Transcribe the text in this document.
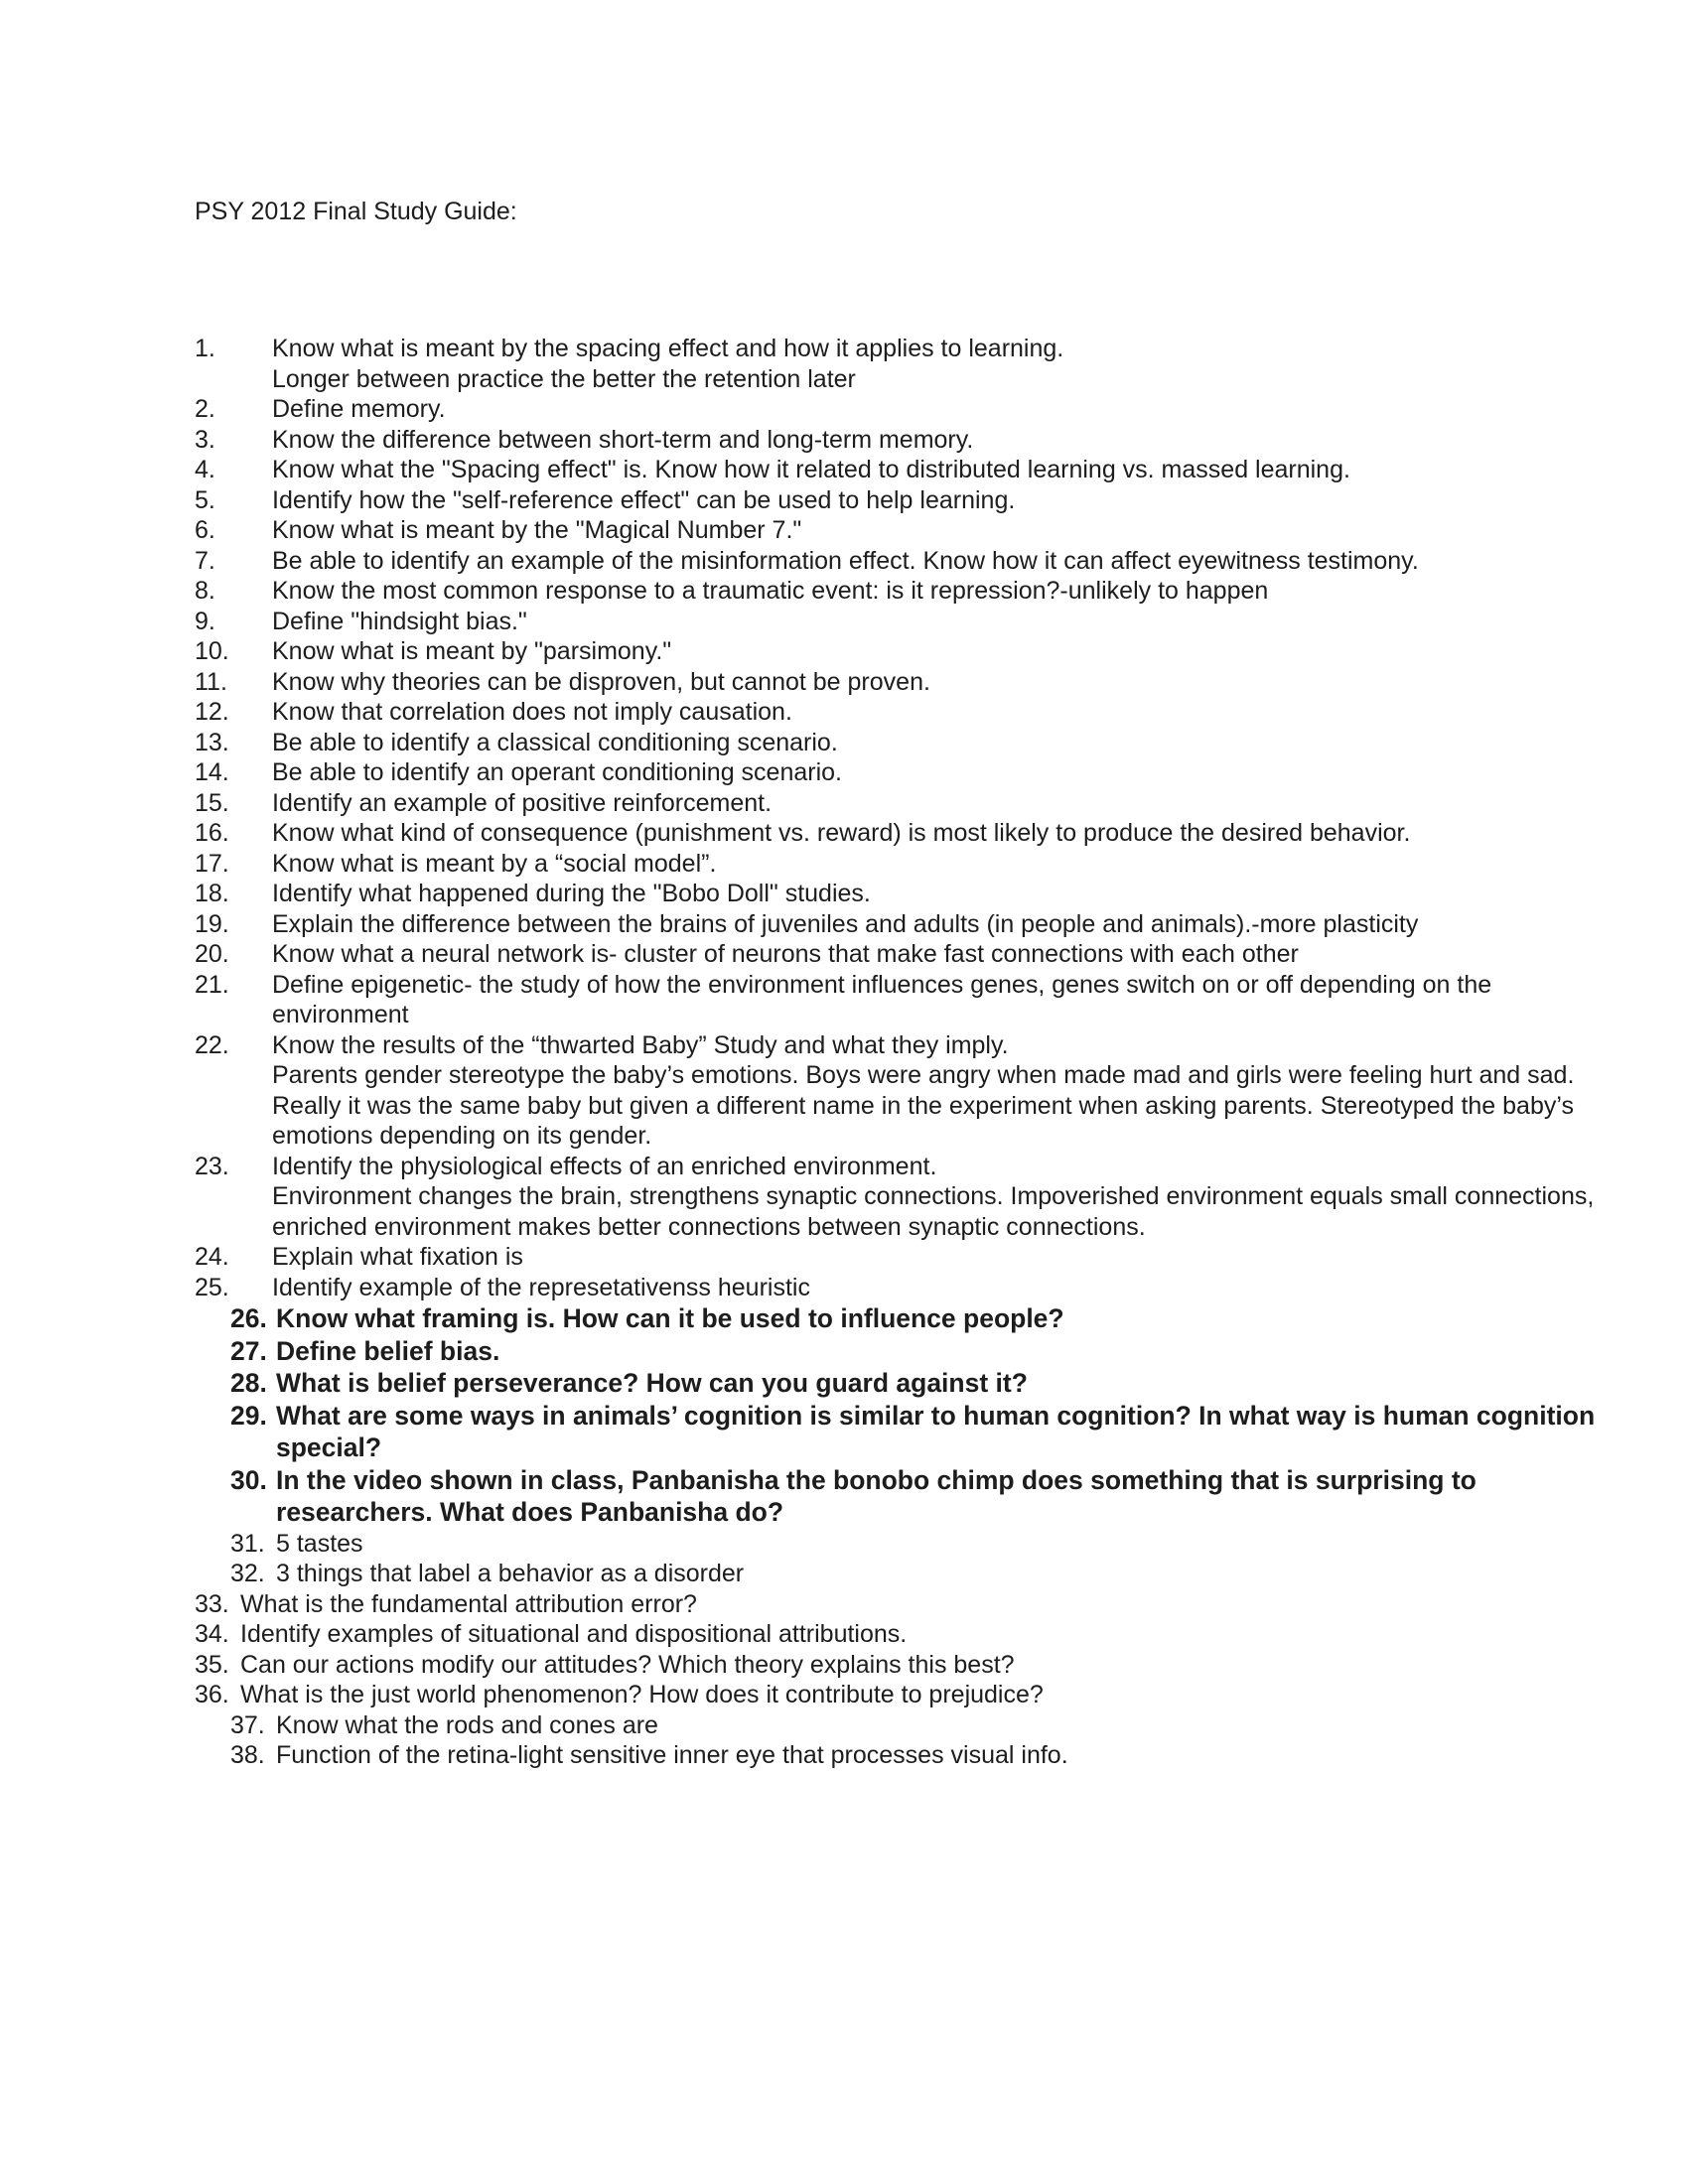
PSY 2012 Final Study Guide:
1.	Know what is meant by the spacing effect and how it applies to learning.
Longer between practice the better the retention later
2.	Define memory.
3.	Know the difference between short-term and long-term memory.
4.	Know what the "Spacing effect" is. Know how it related to distributed learning vs. massed learning.
5.	Identify how the "self-reference effect" can be used to help learning.
6.	Know what is meant by the "Magical Number 7."
7.	Be able to identify an example of the misinformation effect. Know how it can affect eyewitness testimony.
8.	Know the most common response to a traumatic event: is it repression?-unlikely to happen
9.	Define "hindsight bias."
10.	Know what is meant by "parsimony."
11.	Know why theories can be disproven, but cannot be proven.
12.	Know that correlation does not imply causation.
13.	Be able to identify a classical conditioning scenario.
14.	Be able to identify an operant conditioning scenario.
15.	Identify an example of positive reinforcement.
16.	Know what kind of consequence (punishment vs. reward) is most likely to produce the desired behavior.
17.	Know what is meant by a “social model”.
18.	Identify what happened during the "Bobo Doll" studies.
19.	Explain the difference between the brains of juveniles and adults (in people and animals).-more plasticity
20.	Know what a neural network is- cluster of neurons that make fast connections with each other
21.	Define epigenetic- the study of how the environment influences genes, genes switch on or off depending on the environment
22.	Know the results of the “thwarted Baby” Study and what they imply.
Parents gender stereotype the baby’s emotions. Boys were angry when made mad and girls were feeling hurt and sad. Really it was the same baby but given a different name in the experiment when asking parents. Stereotyped the baby’s emotions depending on its gender.
23.	Identify the physiological effects of an enriched environment.
Environment changes the brain, strengthens synaptic connections. Impoverished environment equals small connections, enriched environment makes better connections between synaptic connections.
24.	Explain what fixation is
25.	Identify example of the represetativenss heuristic
26. Know what framing is. How can it be used to influence people?
27. Define belief bias.
28. What is belief perseverance? How can you guard against it?
29. What are some ways in animals’ cognition is similar to human cognition? In what way is human cognition special?
30. In the video shown in class, Panbanisha the bonobo chimp does something that is surprising to researchers. What does Panbanisha do?
31. 5 tastes
32. 3 things that label a behavior as a disorder
33. What is the fundamental attribution error?
34. Identify examples of situational and dispositional attributions.
35. Can our actions modify our attitudes? Which theory explains this best?
36. What is the just world phenomenon? How does it contribute to prejudice?
37. Know what the rods and cones are
38. Function of the retina-light sensitive inner eye that processes visual info.
